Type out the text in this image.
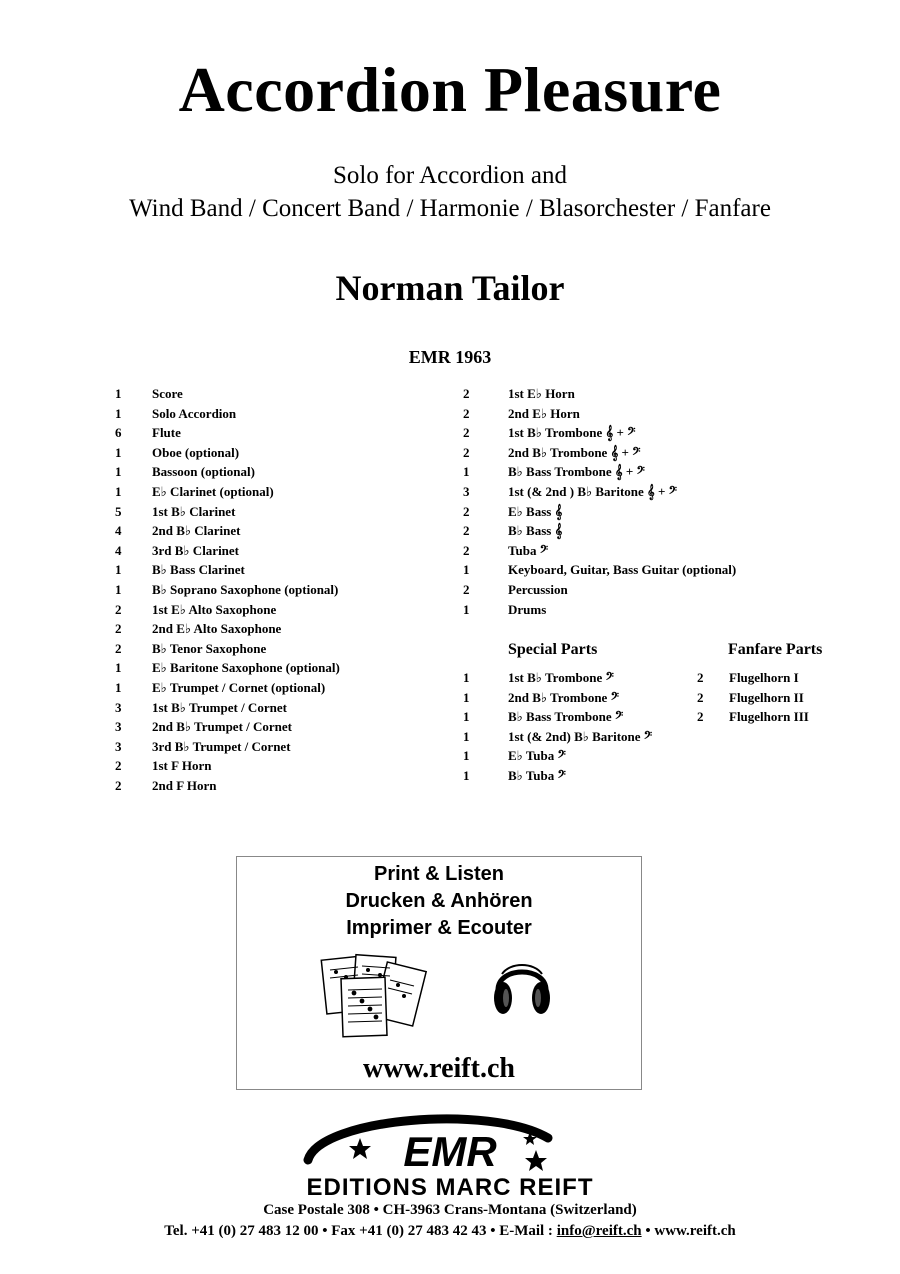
Accordion Pleasure
Solo for Accordion and
Wind Band / Concert Band / Harmonie / Blasorchester / Fanfare
Norman Tailor
EMR 1963
1	Score
1	Solo Accordion
6	Flute
1	Oboe (optional)
1	Bassoon (optional)
1	E♭ Clarinet (optional)
5	1st B♭ Clarinet
4	2nd B♭ Clarinet
4	3rd B♭ Clarinet
1	B♭ Bass Clarinet
1	B♭ Soprano Saxophone (optional)
2	1st E♭ Alto Saxophone
2	2nd E♭ Alto Saxophone
2	B♭ Tenor Saxophone
1	E♭ Baritone Saxophone (optional)
1	E♭ Trumpet / Cornet (optional)
3	1st B♭ Trumpet / Cornet
3	2nd B♭ Trumpet / Cornet
3	3rd B♭ Trumpet / Cornet
2	1st F Horn
2	2nd F Horn
2	1st E♭ Horn
2	2nd E♭ Horn
2	1st B♭ Trombone 𝄞 + 𝄢
2	2nd B♭ Trombone 𝄞 + 𝄢
1	B♭ Bass Trombone 𝄞 + 𝄢
3	1st (& 2nd ) B♭ Baritone 𝄞 + 𝄢
2	E♭ Bass 𝄞
2	B♭ Bass 𝄞
2	Tuba 𝄢
1	Keyboard, Guitar, Bass Guitar (optional)
2	Percussion
1	Drums
Special Parts
1	1st B♭ Trombone 𝄢
1	2nd B♭ Trombone 𝄢
1	B♭ Bass Trombone 𝄢
1	1st (& 2nd) B♭ Baritone 𝄢
1	E♭ Tuba 𝄢
1	B♭ Tuba 𝄢
Fanfare Parts
2	Flugelhorn I
2	Flugelhorn II
2	Flugelhorn III
Print & Listen
Drucken & Anhören
Imprimer & Ecouter
www.reift.ch
EMR
EDITIONS MARC REIFT
Case Postale 308 • CH-3963 Crans-Montana (Switzerland)
Tel. +41 (0) 27 483 12 00 • Fax +41 (0) 27 483 42 43 • E-Mail : info@reift.ch • www.reift.ch
